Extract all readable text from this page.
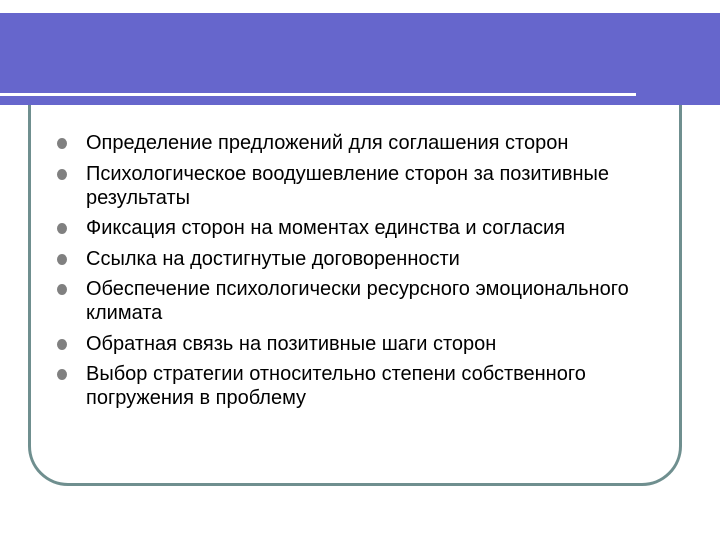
Определение предложений для соглашения сторон
Психологическое воодушевление сторон за позитивные результаты
Фиксация сторон на моментах единства и согласия
Ссылка на достигнутые договоренности
Обеспечение психологически ресурсного эмоционального климата
Обратная связь на позитивные шаги сторон
Выбор стратегии относительно степени собственного погружения в проблему
